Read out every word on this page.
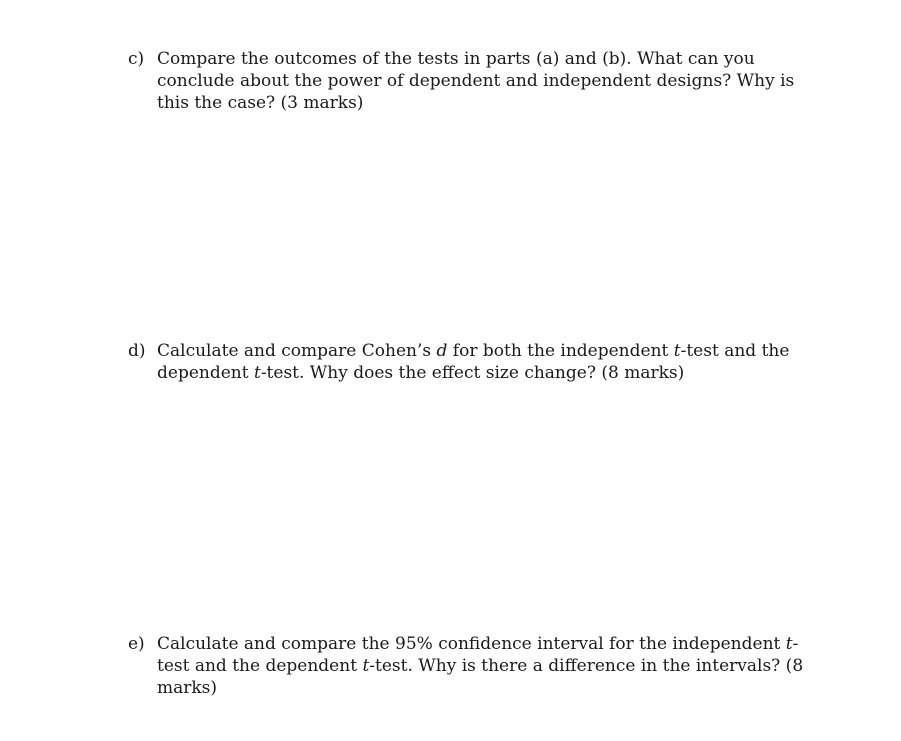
c) Compare the outcomes of the tests in parts (a) and (b). What can you
conclude about the power of dependent and independent designs? Why is
this the case? (3 marks)
d) Calculate and compare Cohen’s d for both the independent t-test and the
dependent t-test. Why does the effect size change? (8 marks)
e) Calculate and compare the 95% confidence interval for the independent t-
test and the dependent t-test. Why is there a difference in the intervals? (8
marks)
